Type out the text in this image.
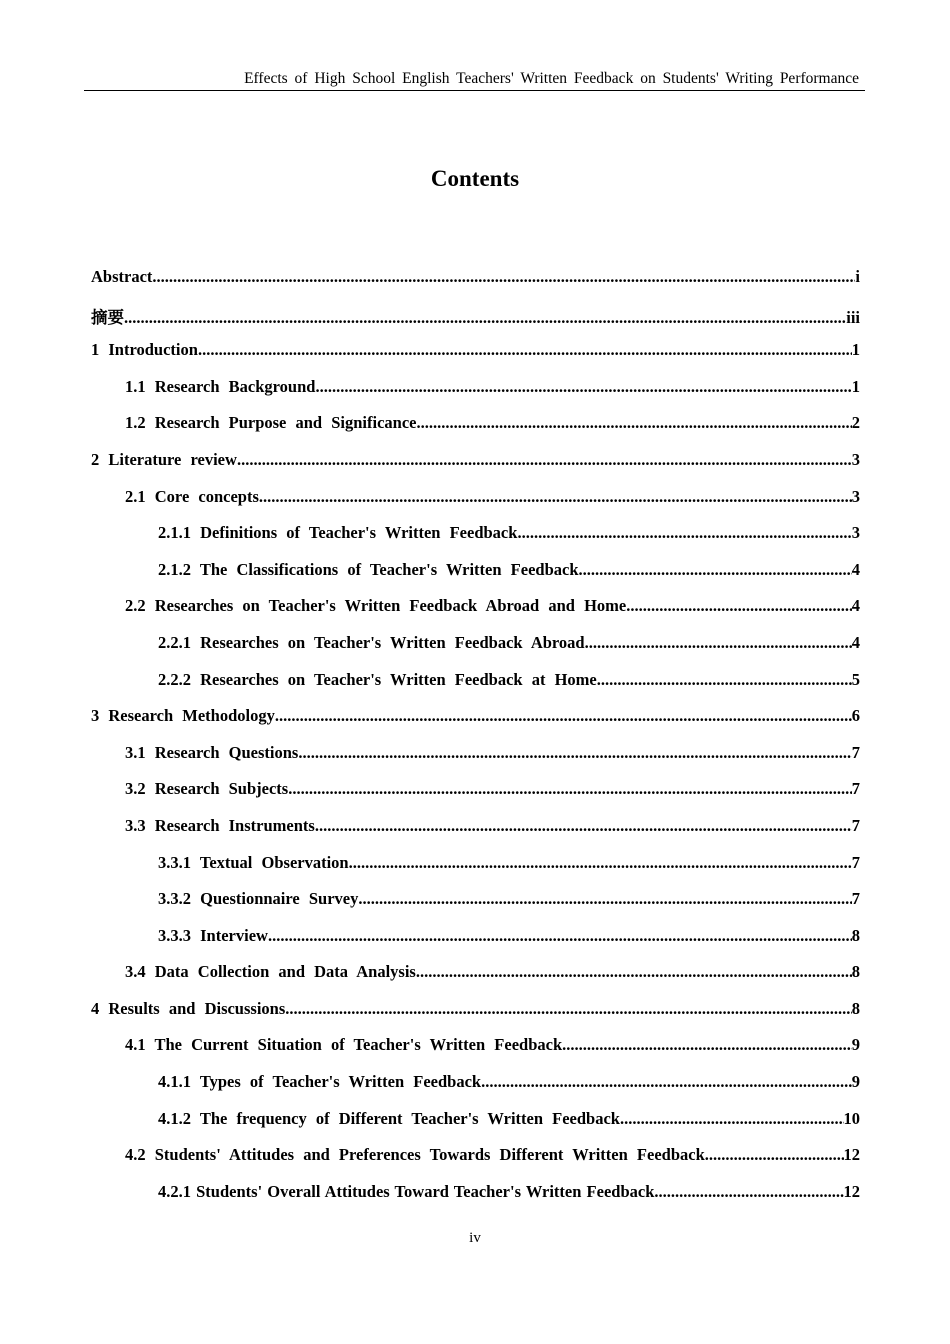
Effects of High School English Teachers' Written Feedback on Students' Writing Performance
Contents
Abstract .....	i
摘要 .....	iii
1 Introduction .....	1
1.1 Research Background .....	1
1.2 Research Purpose and Significance .....	2
2 Literature review .....	3
2.1 Core concepts .....	3
2.1.1 Definitions of Teacher's Written Feedback .....	3
2.1.2 The Classifications of Teacher's Written Feedback .....	4
2.2 Researches on Teacher's Written Feedback Abroad and Home .....	4
2.2.1 Researches on Teacher's Written Feedback Abroad .....	4
2.2.2 Researches on Teacher's Written Feedback at Home .....	5
3 Research Methodology .....	6
3.1 Research Questions .....	7
3.2 Research Subjects .....	7
3.3 Research Instruments .....	7
3.3.1 Textual Observation .....	7
3.3.2 Questionnaire Survey .....	7
3.3.3 Interview .....	8
3.4 Data Collection and Data Analysis .....	8
4 Results and Discussions .....	8
4.1 The Current Situation of Teacher's Written Feedback .....	9
4.1.1 Types of Teacher's Written Feedback .....	9
4.1.2 The frequency of Different Teacher's Written Feedback .....	10
4.2 Students' Attitudes and Preferences Towards Different Written Feedback .....	12
4.2.1 Students' Overall Attitudes Toward Teacher's Written Feedback .....	12
iv
